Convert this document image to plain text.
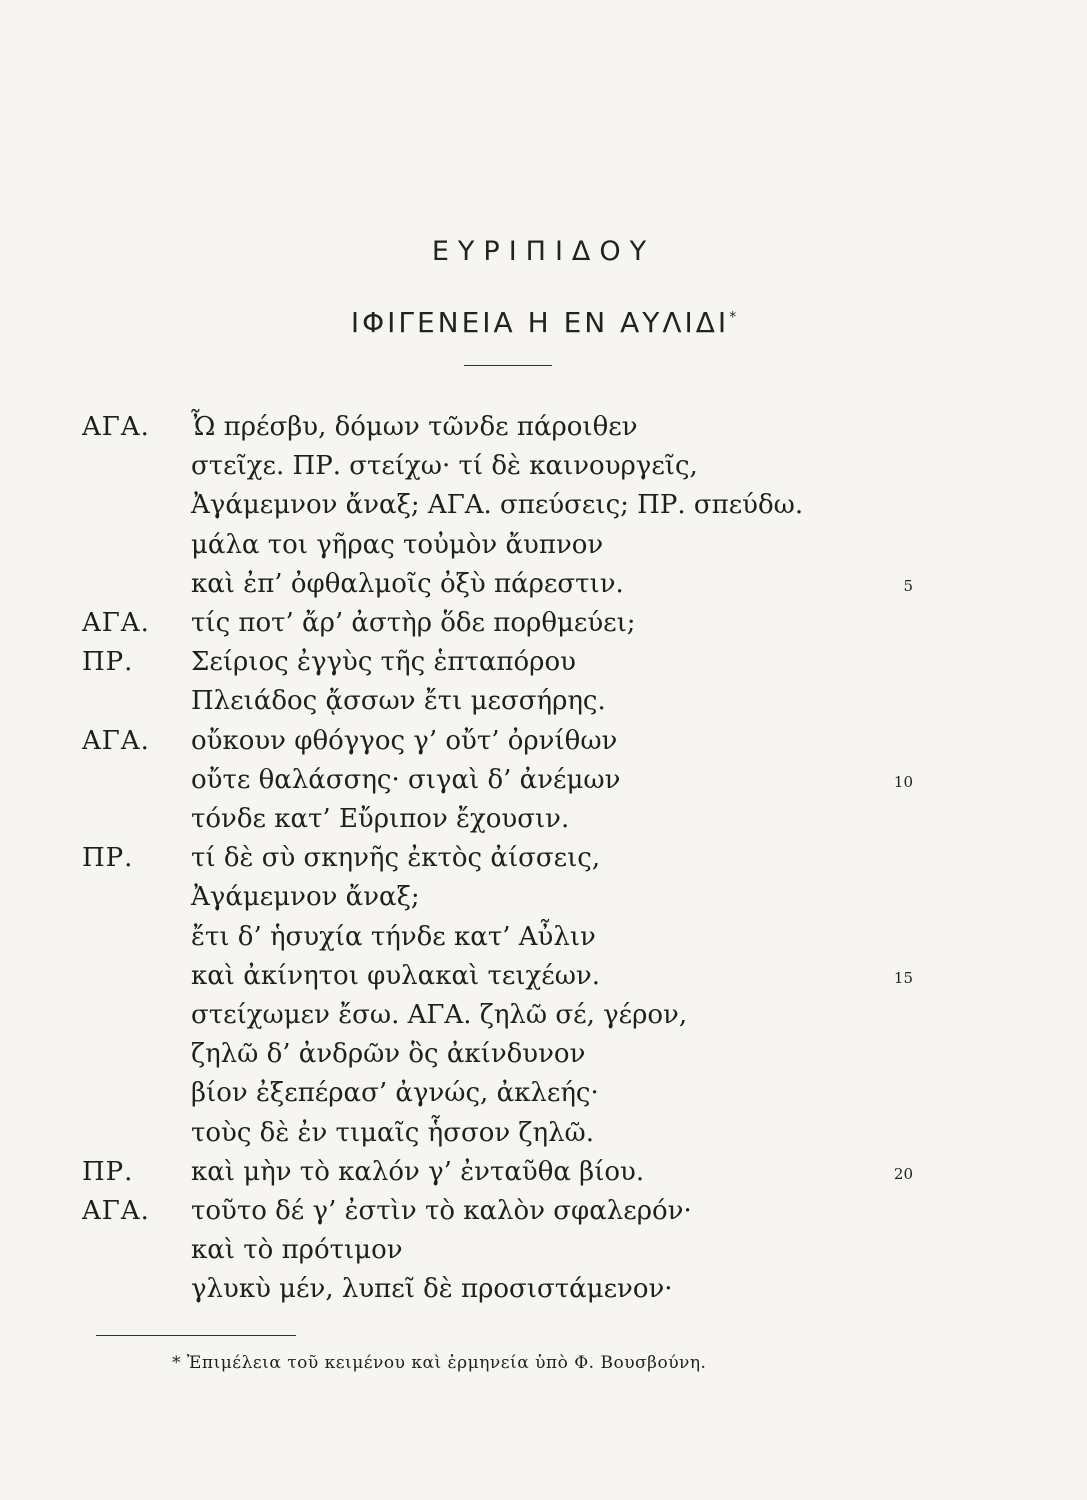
ΕΥΡΙΠΙΔΟΥ
ΙΦΙΓΕΝΕΙΑ Η ΕΝ ΑΥΛΙΔΙ*
ΑΓΑ. Ὦ πρέσβυ, δόμων τῶνδε πάροιθεν
στεῖχε. ΠΡ. στείχω· τί δὲ καινουργεῖς,
Ἀγάμεμνον ἄναξ; ΑΓΑ. σπεύσεις; ΠΡ. σπεύδω.
μάλα τοι γῆρας τοὐμὸν ἄυπνον
καὶ ἐπ’ ὀφθαλμοῖς ὀξὺ πάρεστιν.	5
ΑΓΑ. τίς ποτ’ ἄρ’ ἀστὴρ ὅδε πορθμεύει;
ΠΡ. Σείριος ἐγγὺς τῆς ἑπταπόρου
Πλειάδος ᾄσσων ἔτι μεσσήρης.
ΑΓΑ. οὔκουν φθόγγος γ’ οὔτ’ ὀρνίθων
οὔτε θαλάσσης· σιγαὶ δ’ ἀνέμων	10
τόνδε κατ’ Εὔριπον ἔχουσιν.
ΠΡ. τί δὲ σὺ σκηνῆς ἐκτὸς ἀίσσεις,
Ἀγάμεμνον ἄναξ;
ἔτι δ’ ἡσυχία τήνδε κατ’ Αὖλιν
καὶ ἀκίνητοι φυλακαὶ τειχέων.	15
στείχωμεν ἔσω. ΑΓΑ. ζηλῶ σέ, γέρον,
ζηλῶ δ’ ἀνδρῶν ὃς ἀκίνδυνον
βίον ἐξεπέρασ’ ἀγνώς, ἀκλεής·
τοὺς δὲ ἐν τιμαῖς ἧσσον ζηλῶ.
ΠΡ. καὶ μὴν τὸ καλόν γ’ ἐνταῦθα βίου.	20
ΑΓΑ. τοῦτο δέ γ’ ἐστὶν τὸ καλὸν σφαλερόν·
καὶ τὸ πρότιμον
γλυκὺ μέν, λυπεῖ δὲ προσιστάμενον·
* Ἐπιμέλεια τοῦ κειμένου καὶ ἑρμηνεία ὑπὸ Φ. Βουσβούνη.
